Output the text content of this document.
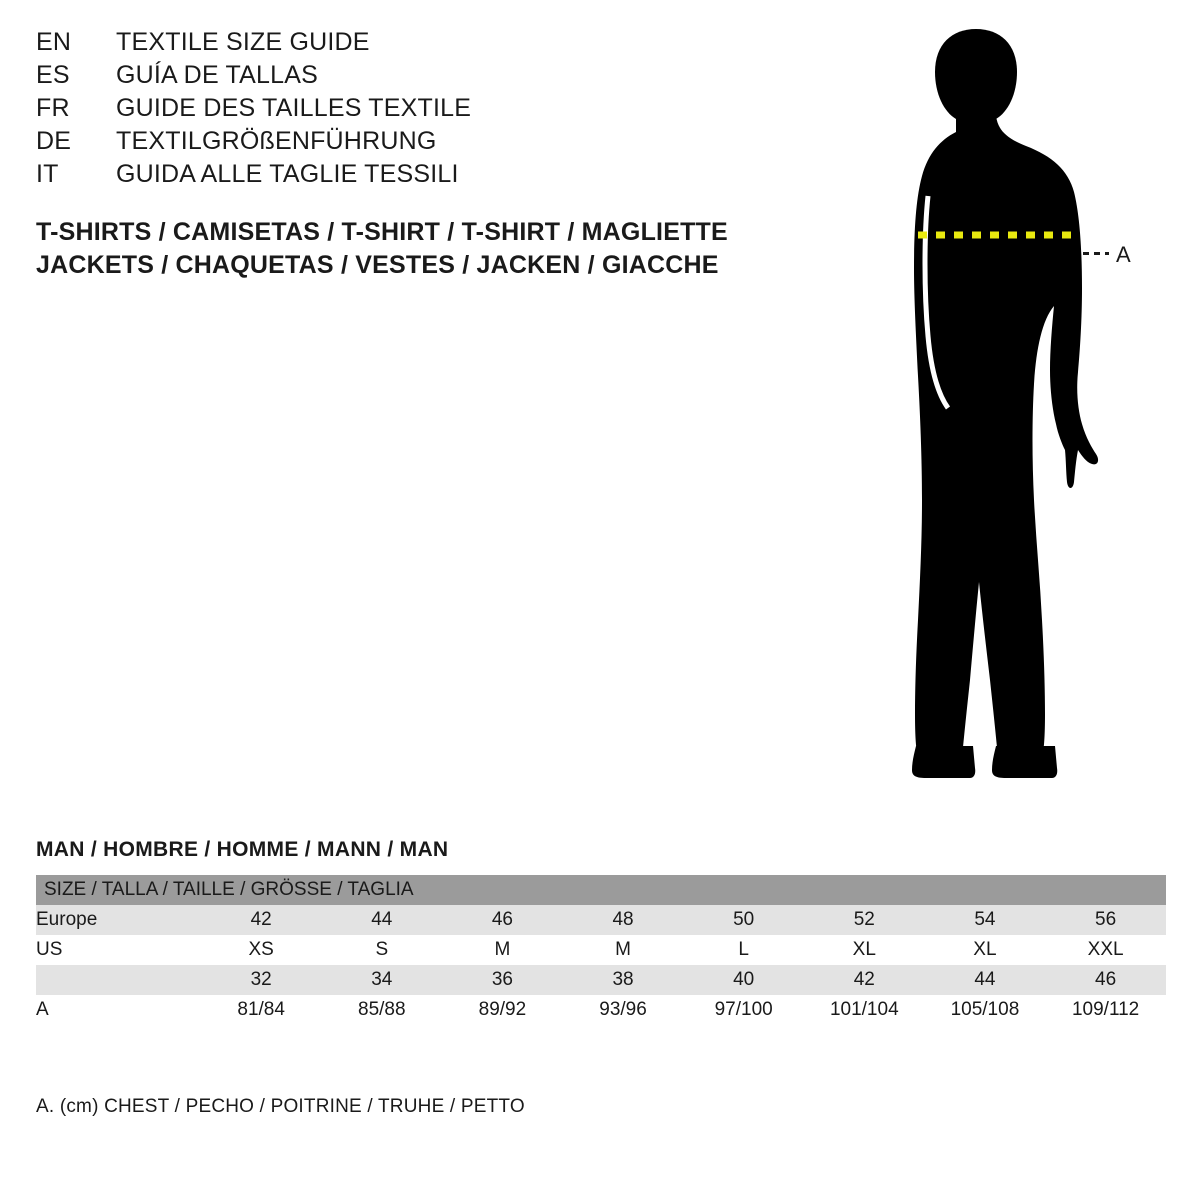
EN	TEXTILE SIZE GUIDE
ES	GUÍA DE TALLAS
FR	GUIDE DES TAILLES TEXTILE
DE	TEXTILGRÖßENFÜHRUNG
IT	GUIDA ALLE TAGLIE TESSILI
T-SHIRTS / CAMISETAS / T-SHIRT / T-SHIRT / MAGLIETTE
JACKETS / CHAQUETAS / VESTES / JACKEN / GIACCHE	A
MAN / HOMBRE / HOMME / MANN / MAN
SIZE / TALLA / TAILLE / GRÖSSE / TAGLIA								
Europe	42	44	46	48	50	52	54	56
US	XS	S	M	M	L	XL	XL	XXL
	32	34	36	38	40	42	44	46
A	81/84	85/88	89/92	93/96	97/100	101/104	105/108	109/112
A. (cm) CHEST / PECHO / POITRINE / TRUHE / PETTO
